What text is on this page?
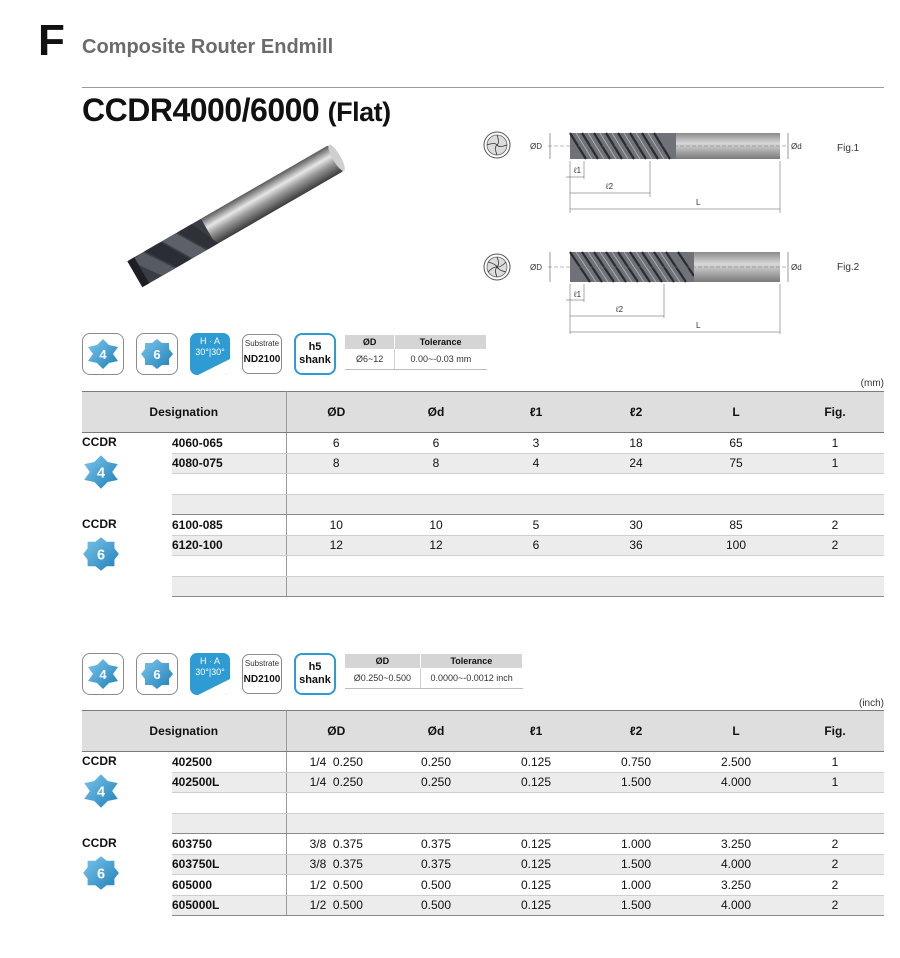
F Composite Router Endmill
CCDR4000/6000 (Flat)
ØD	Ød
ℓ1
ℓ2
L
Fig.1
ØD	Ød
ℓ1
ℓ2
L
Fig.2
4	6
H · A
30°|30°
Substrate
ND2100
h5
shank
ØD	Tolerance
Ø6~12	0.00~-0.03 mm
(mm)
Designation		ØD	Ød	ℓ1	ℓ2	L	Fig.

CCDR
4	4060-065	6	6	3	18	65	1
	4080-075	8	8	4	24	75	1

CCDR
6	6100-085	10	10	5	30	85	2
	6120-100	12	12	6	36	100	2

4	6
H · A
30°|30°
Substrate
ND2100
h5
shank
ØD	Tolerance
Ø0.250~0.500	0.0000~-0.0012 inch
(inch)
Designation		ØD	Ød	ℓ1	ℓ2	L	Fig.

CCDR
4	402500	1/4  0.250	0.250	0.125	0.750	2.500	1
	402500L	1/4  0.250	0.250	0.125	1.500	4.000	1

CCDR
6	603750	3/8  0.375	0.375	0.125	1.000	3.250	2
	603750L	3/8  0.375	0.375	0.125	1.500	4.000	2
	605000	1/2  0.500	0.500	0.125	1.000	3.250	2
	605000L	1/2  0.500	0.500	0.125	1.500	4.000	2
